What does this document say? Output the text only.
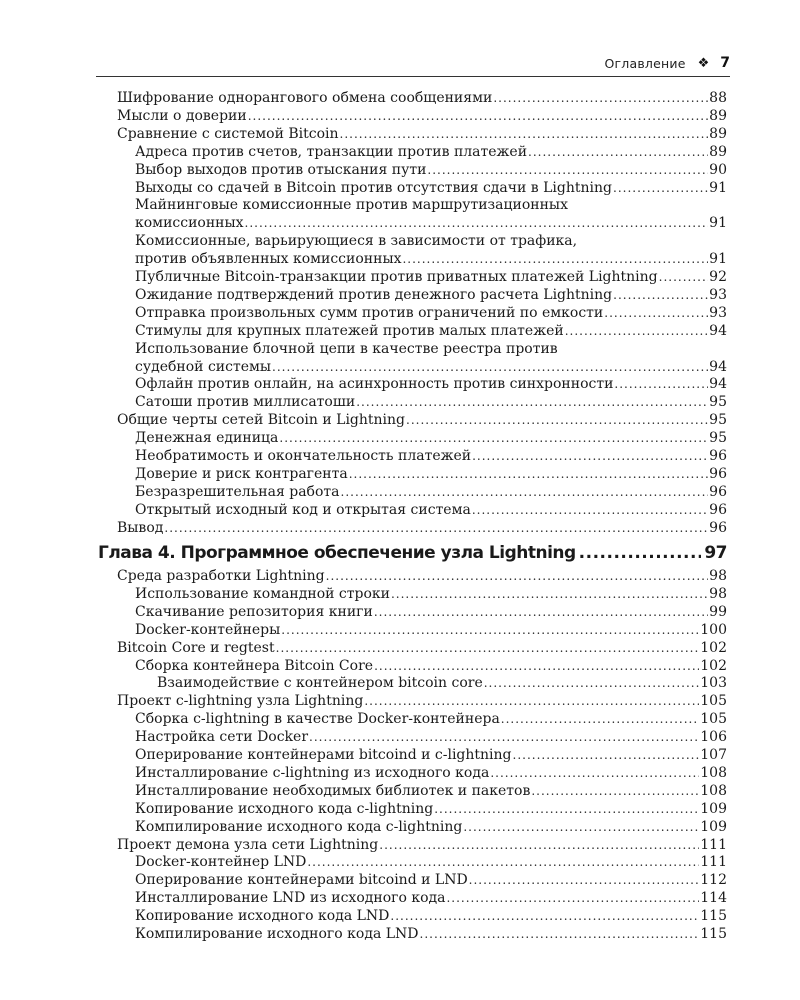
Оглавление ❖ 7
Шифрование однорангового обмена сообщениями .....	88
Мысли о доверии .....	89
Сравнение с системой Bitcoin .....	89
Адреса против счетов, транзакции против платежей .....	89
Выбор выходов против отыскания пути .....	90
Выходы со сдачей в Bitcoin против отсутствия сдачи в Lightning .....	91
Майнинговые комиссионные против маршрутизационных
комиссионных .....	91
Комиссионные, варьирующиеся в зависимости от трафика,
против объявленных комиссионных .....	91
Публичные Bitcoin-транзакции против приватных платежей Lightning .....	92
Ожидание подтверждений против денежного расчета Lightning .....	93
Отправка произвольных сумм против ограничений по емкости .....	93
Стимулы для крупных платежей против малых платежей .....	94
Использование блочной цепи в качестве реестра против
судебной системы .....	94
Офлайн против онлайн, на асинхронность против синхронности .....	94
Сатоши против миллисатоши .....	95
Общие черты сетей Bitcoin и Lightning .....	95
Денежная единица .....	95
Необратимость и окончательность платежей .....	96
Доверие и риск контрагента .....	96
Безразрешительная работа .....	96
Открытый исходный код и открытая система .....	96
Вывод .....	96
Глава 4. Программное обеспечение узла Lightning .....	97
Среда разработки Lightning .....	98
Использование командной строки .....	98
Скачивание репозитория книги .....	99
Docker-контейнеры .....	100
Bitcoin Core и regtest .....	102
Сборка контейнера Bitcoin Core .....	102
Взаимодействие с контейнером bitcoin core .....	103
Проект c-lightning узла Lightning .....	105
Сборка c-lightning в качестве Docker-контейнера .....	105
Настройка сети Docker .....	106
Оперирование контейнерами bitcoind и c-lightning .....	107
Инсталлирование c-lightning из исходного кода .....	108
Инсталлирование необходимых библиотек и пакетов .....	108
Копирование исходного кода c-lightning .....	109
Компилирование исходного кода c-lightning .....	109
Проект демона узла сети Lightning .....	111
Docker-контейнер LND .....	111
Оперирование контейнерами bitcoind и LND .....	112
Инсталлирование LND из исходного кода .....	114
Копирование исходного кода LND .....	115
Компилирование исходного кода LND .....	115
